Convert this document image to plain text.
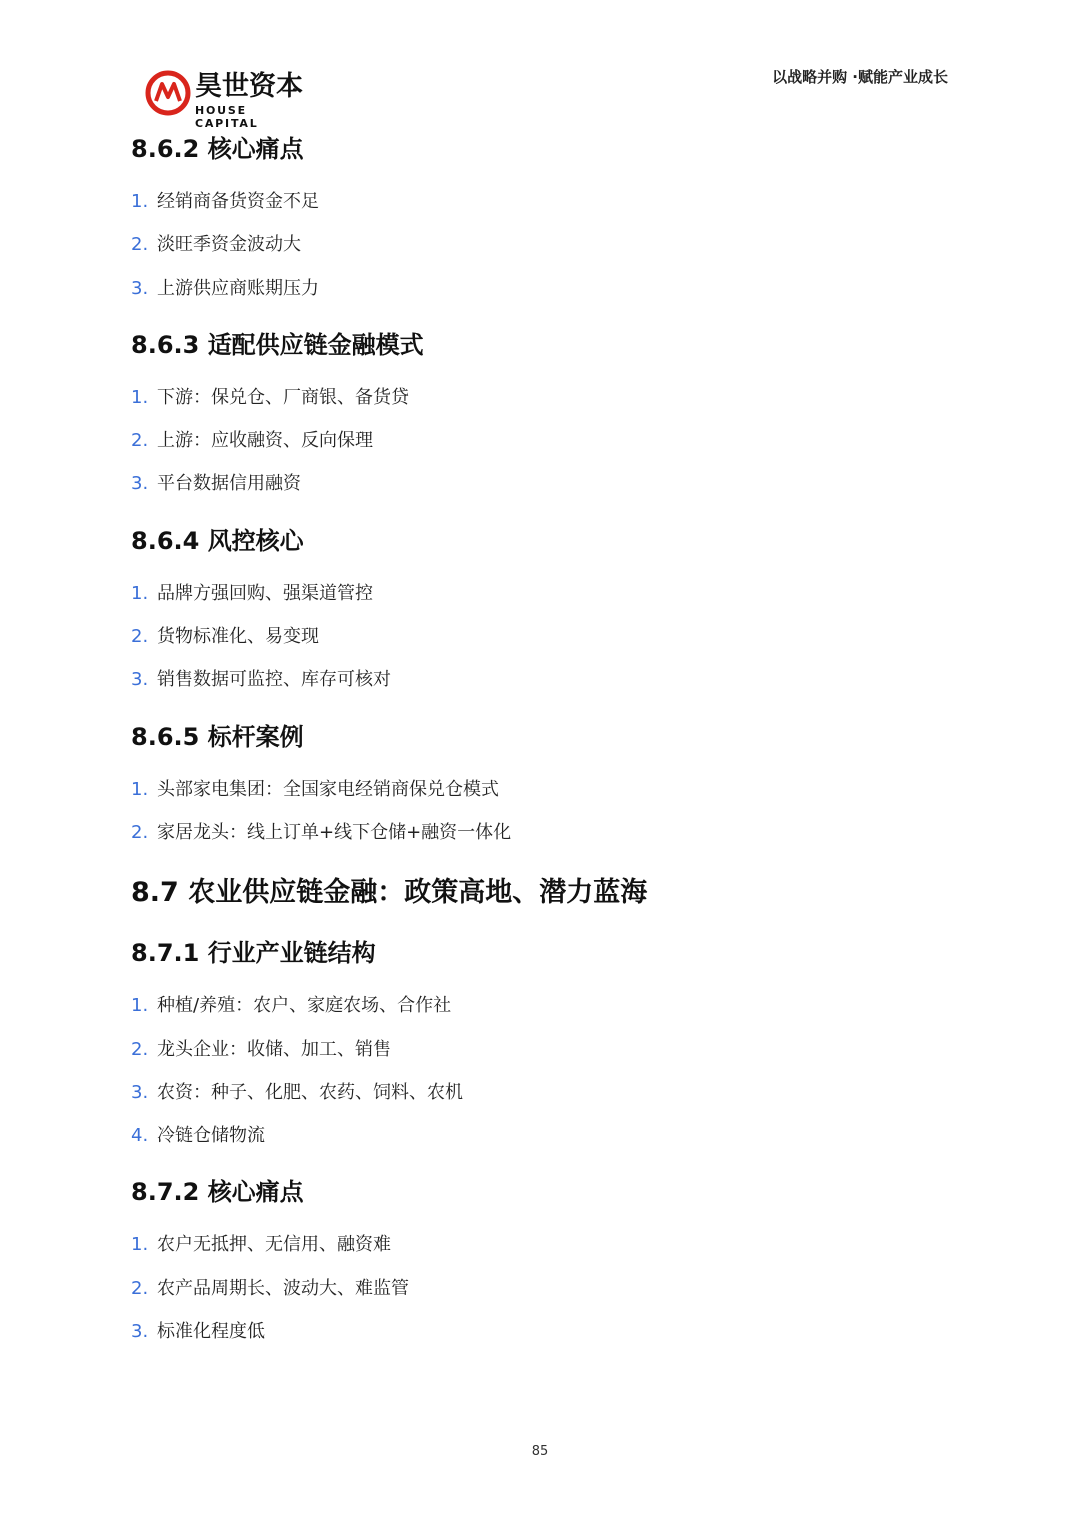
昊世资本
HOUSE CAPITAL
以战略并购 ·赋能产业成长
8.6.2 核心痛点
1. 经销商备货资金不足
2. 淡旺季资金波动大
3. 上游供应商账期压力
8.6.3 适配供应链金融模式
1. 下游：保兑仓、厂商银、备货贷
2. 上游：应收融资、反向保理
3. 平台数据信用融资
8.6.4 风控核心
1. 品牌方强回购、强渠道管控
2. 货物标准化、易变现
3. 销售数据可监控、库存可核对
8.6.5 标杆案例
1. 头部家电集团：全国家电经销商保兑仓模式
2. 家居龙头：线上订单+线下仓储+融资一体化
8.7 农业供应链金融：政策高地、潜力蓝海
8.7.1 行业产业链结构
1. 种植/养殖：农户、家庭农场、合作社
2. 龙头企业：收储、加工、销售
3. 农资：种子、化肥、农药、饲料、农机
4. 冷链仓储物流
8.7.2 核心痛点
1. 农户无抵押、无信用、融资难
2. 农产品周期长、波动大、难监管
3. 标准化程度低
85
